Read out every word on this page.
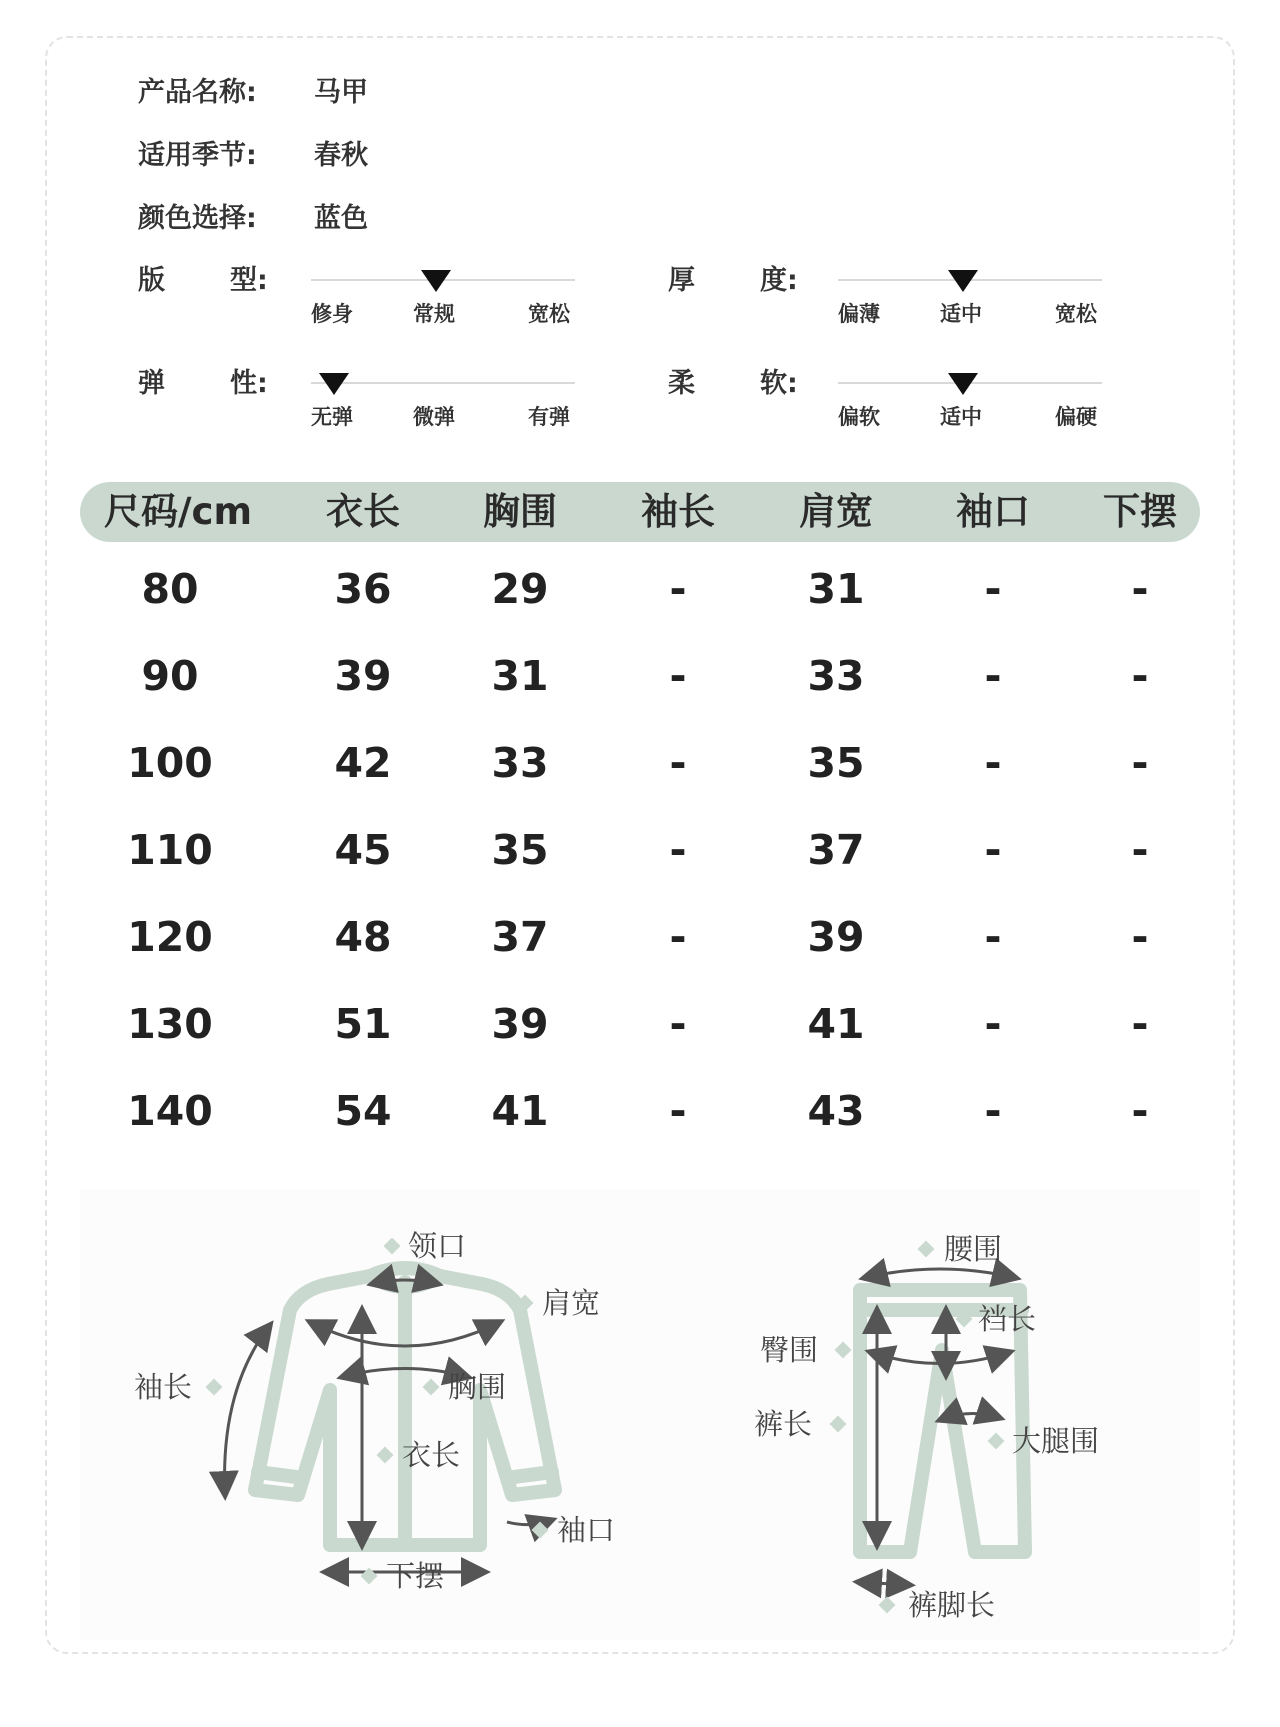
产品名称: 马甲
适用季节: 春秋
颜色选择: 蓝色
版 型:
修身	常规	宽松
厚 度:
偏薄	适中	宽松
弹 性:
无弹	微弹	有弹
柔 软:
偏软	适中	偏硬
尺码/cm 衣长 胸围 袖长 肩宽 袖口 下摆
80	36 29	-	31	-	-
90	39 31	-	33	-	-
100	42 33	-	35	-	-
110	45 35	-	37	-	-
120	48 37	-	39	-	-
130	51 39	-	41	-	-
140	54 41	-	43	-	-
领口
肩宽
袖长	胸围
衣长
袖口
下摆
腰围
裆长
臀围
裤长	大腿围
裤脚长
